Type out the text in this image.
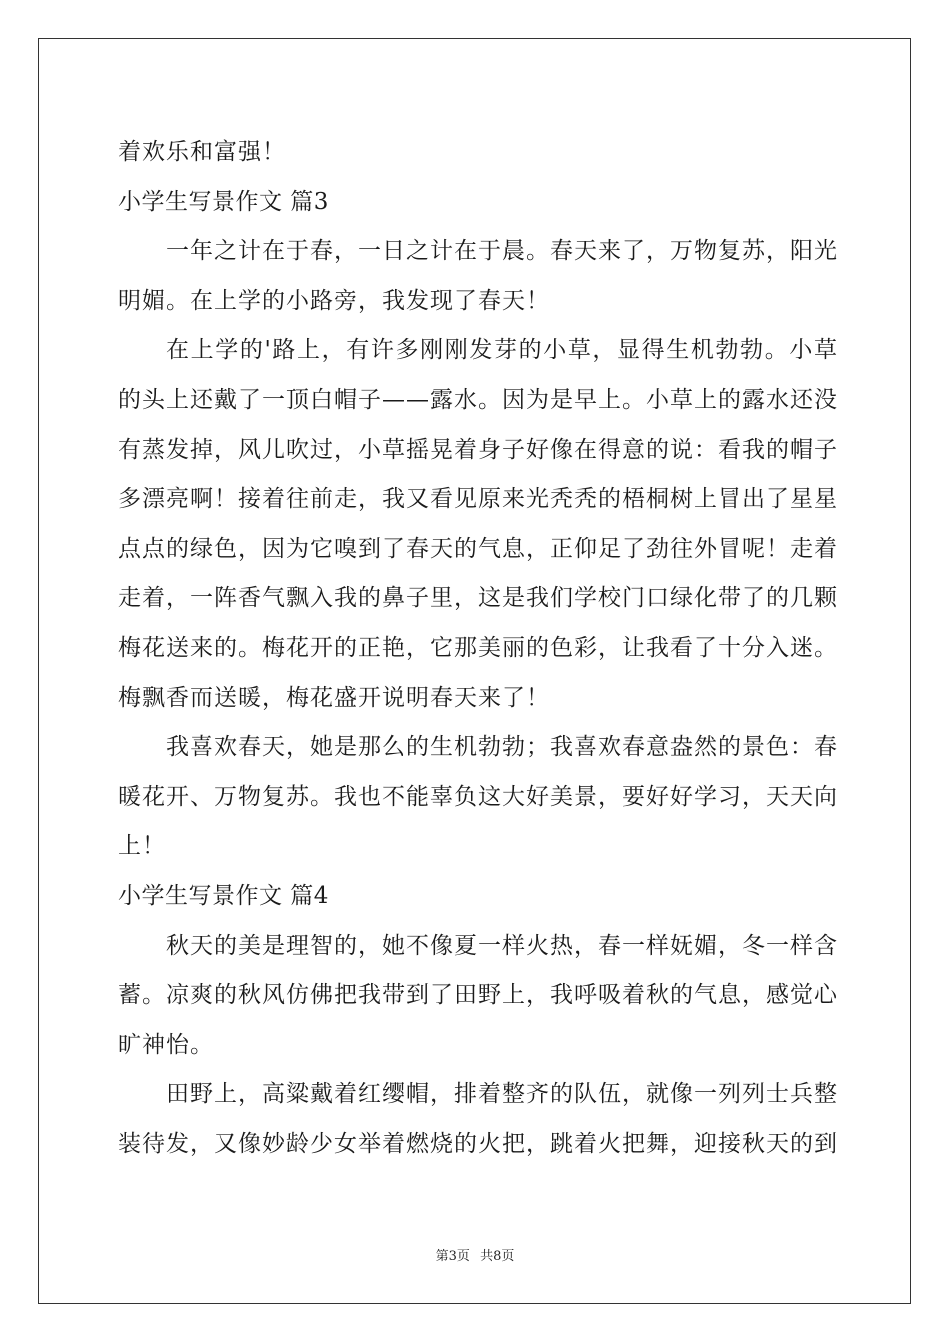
着欢乐和富强！
小学生写景作文 篇3
一年之计在于春，一日之计在于晨。春天来了，万物复苏，阳光
明媚。在上学的小路旁，我发现了春天！
在上学的'路上，有许多刚刚发芽的小草，显得生机勃勃。小草
的头上还戴了一顶白帽子——露水。因为是早上。小草上的露水还没
有蒸发掉，风儿吹过，小草摇晃着身子好像在得意的说：看我的帽子
多漂亮啊！接着往前走，我又看见原来光秃秃的梧桐树上冒出了星星
点点的绿色，因为它嗅到了春天的气息，正仰足了劲往外冒呢！走着
走着，一阵香气飘入我的鼻子里，这是我们学校门口绿化带了的几颗
梅花送来的。梅花开的正艳，它那美丽的色彩，让我看了十分入迷。
梅飘香而送暖，梅花盛开说明春天来了！
我喜欢春天，她是那么的生机勃勃；我喜欢春意盎然的景色：春
暖花开、万物复苏。我也不能辜负这大好美景，要好好学习，天天向
上！
小学生写景作文 篇4
秋天的美是理智的，她不像夏一样火热，春一样妩媚，冬一样含
蓄。凉爽的秋风仿佛把我带到了田野上，我呼吸着秋的气息，感觉心
旷神怡。
田野上，高粱戴着红缨帽，排着整齐的队伍，就像一列列士兵整
装待发，又像妙龄少女举着燃烧的火把，跳着火把舞，迎接秋天的到
第3页 共8页
